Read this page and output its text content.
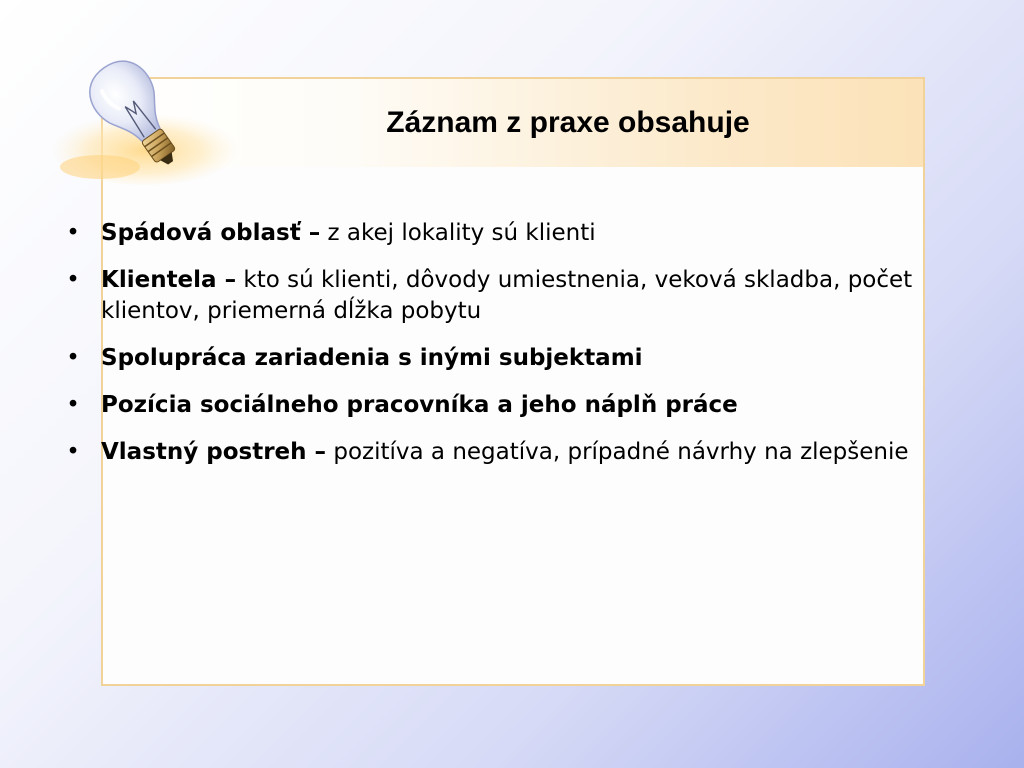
Záznam z praxe obsahuje
• Spádová oblasť – z akej lokality sú klienti
• Klientela – kto sú klienti, dôvody umiestnenia, veková skladba, počet klientov, priemerná dĺžka pobytu
• Spolupráca zariadenia s inými subjektami
• Pozícia sociálneho pracovníka a jeho náplň práce
• Vlastný postreh – pozitíva a negatíva, prípadné návrhy na zlepšenie
